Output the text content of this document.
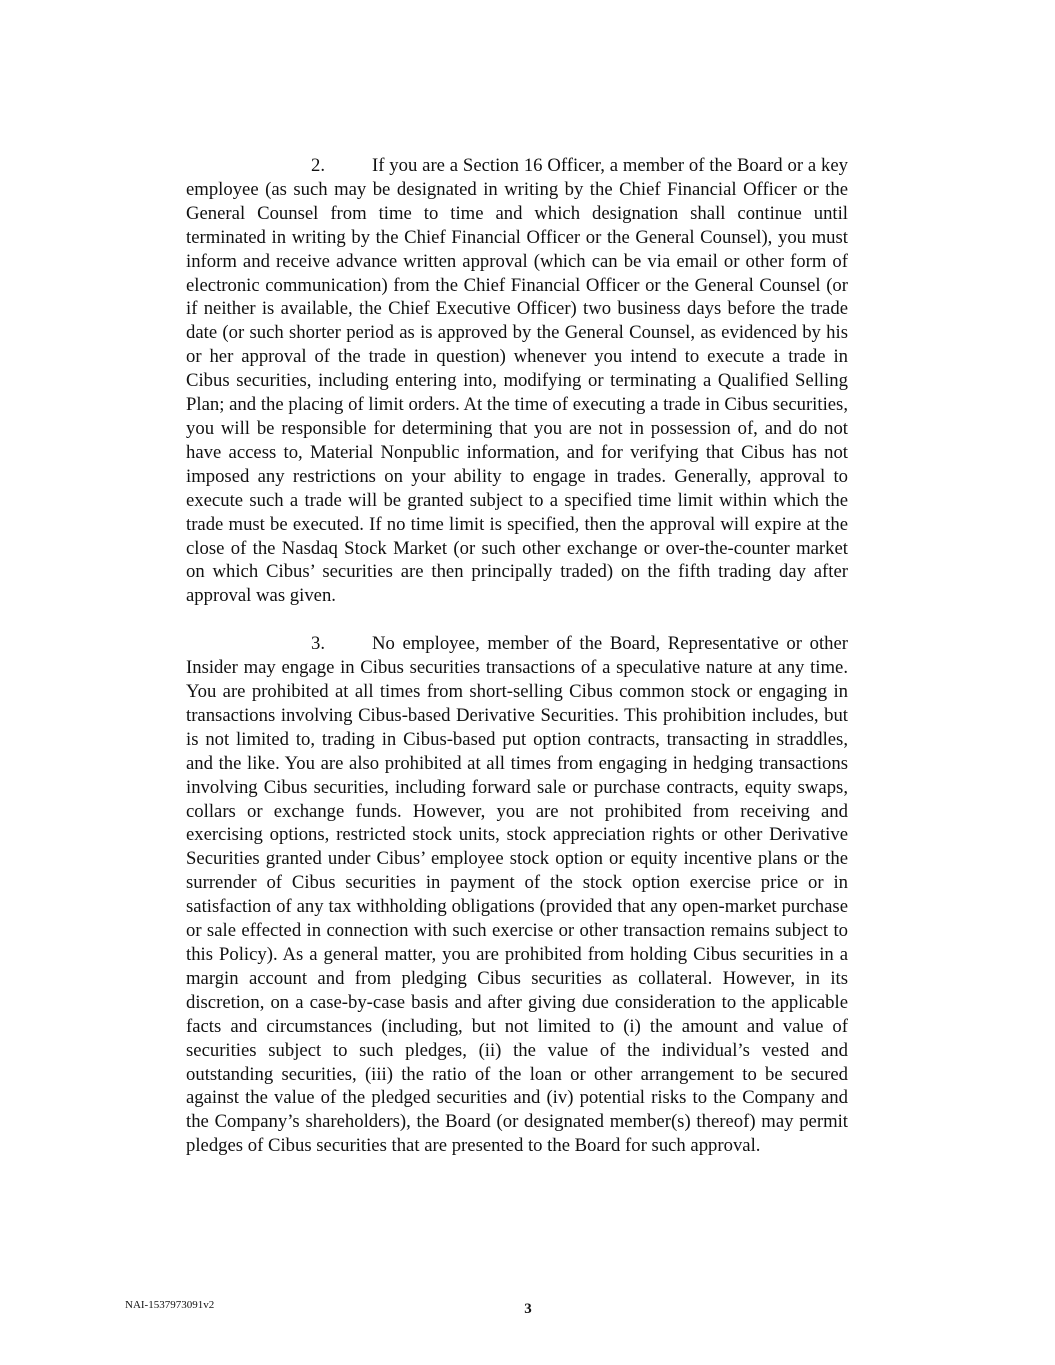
2.	If you are a Section 16 Officer, a member of the Board or a key employee (as such may be designated in writing by the Chief Financial Officer or the General Counsel from time to time and which designation shall continue until terminated in writing by the Chief Financial Officer or the General Counsel), you must inform and receive advance written approval (which can be via email or other form of electronic communication) from the Chief Financial Officer or the General Counsel (or if neither is available, the Chief Executive Officer) two business days before the trade date (or such shorter period as is approved by the General Counsel, as evidenced by his or her approval of the trade in question) whenever you intend to execute a trade in Cibus securities, including entering into, modifying or terminating a Qualified Selling Plan; and the placing of limit orders. At the time of executing a trade in Cibus securities, you will be responsible for determining that you are not in possession of, and do not have access to, Material Nonpublic information, and for verifying that Cibus has not imposed any restrictions on your ability to engage in trades. Generally, approval to execute such a trade will be granted subject to a specified time limit within which the trade must be executed. If no time limit is specified, then the approval will expire at the close of the Nasdaq Stock Market (or such other exchange or over-the-counter market on which Cibus’ securities are then principally traded) on the fifth trading day after approval was given.

3.	No employee, member of the Board, Representative or other Insider may engage in Cibus securities transactions of a speculative nature at any time. You are prohibited at all times from short-selling Cibus common stock or engaging in transactions involving Cibus-based Derivative Securities. This prohibition includes, but is not limited to, trading in Cibus-based put option contracts, transacting in straddles, and the like. You are also prohibited at all times from engaging in hedging transactions involving Cibus securities, including forward sale or purchase contracts, equity swaps, collars or exchange funds. However, you are not prohibited from receiving and exercising options, restricted stock units, stock appreciation rights or other Derivative Securities granted under Cibus’ employee stock option or equity incentive plans or the surrender of Cibus securities in payment of the stock option exercise price or in satisfaction of any tax withholding obligations (provided that any open-market purchase or sale effected in connection with such exercise or other transaction remains subject to this Policy). As a general matter, you are prohibited from holding Cibus securities in a margin account and from pledging Cibus securities as collateral. However, in its discretion, on a case-by-case basis and after giving due consideration to the applicable facts and circumstances (including, but not limited to (i) the amount and value of securities subject to such pledges, (ii) the value of the individual’s vested and outstanding securities, (iii) the ratio of the loan or other arrangement to be secured against the value of the pledged securities and (iv) potential risks to the Company and the Company’s shareholders), the Board (or designated member(s) thereof) may permit pledges of Cibus securities that are presented to the Board for such approval.

NAI-1537973091v2	3
